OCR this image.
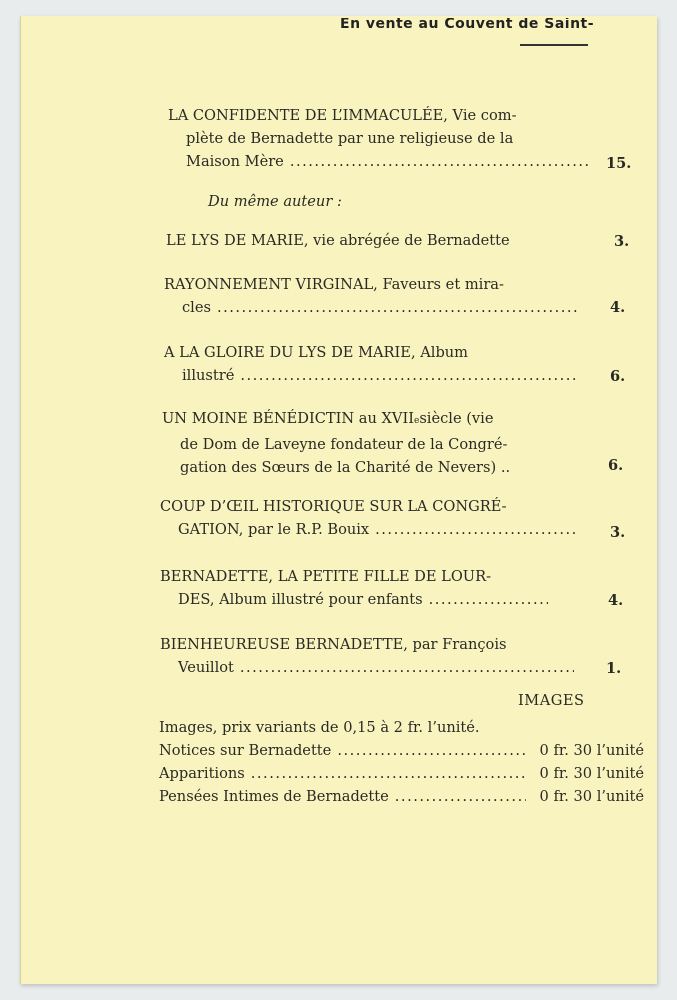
En vente au Couvent de Saint-
LA CONFIDENTE DE L’IMMACULÉE, Vie com-
plète de Bernadette par une religieuse de la
Maison Mère .....	15.
Du même auteur :
LE LYS DE MARIE, vie abrégée de Bernadette	3.
RAYONNEMENT VIRGINAL, Faveurs et mira-
cles .....	4.
A LA GLOIRE DU LYS DE MARIE, Album
illustré .....	6.
UN MOINE BÉNÉDICTIN au $XVII_e$ siècle (vie
de Dom de Laveyne fondateur de la Congré-
gation des Sœurs de la Charité de Nevers) ..	6.
COUP D’ŒIL HISTORIQUE SUR LA CONGRÉ-
GATION, par le R.P. Bouix .....	3.
BERNADETTE, LA PETITE FILLE DE LOUR-
DES, Album illustré pour enfants .....	4.
BIENHEUREUSE BERNADETTE, par François
Veuillot .....	1.
IMAGES
Images, prix variants de 0,15 à 2 fr. l’unité.
Notices sur Bernadette .....	0 fr. 30 l’unité
Apparitions .....	0 fr. 30 l’unité
Pensées Intimes de Bernadette .....	0 fr. 30 l’unité
